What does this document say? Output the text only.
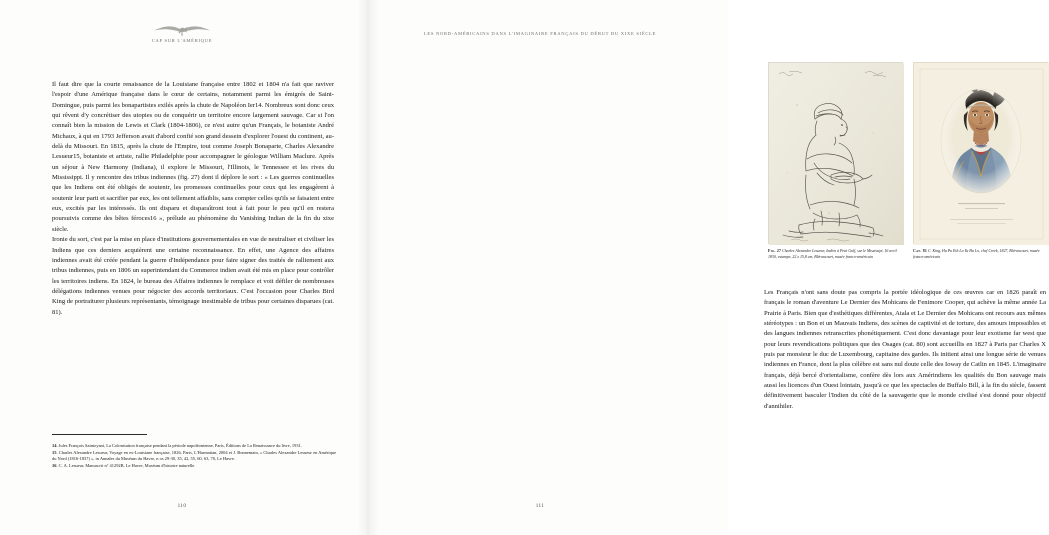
CAP SUR L'AMÉRIQUE

Il faut dire que la courte renaissance de la Louisiane française entre 1802 et 1804 n'a fait que raviver l'espoir d'une Amérique française dans le cœur de certains, notamment parmi les émigrés de Saint-Domingue, puis parmi les bonapartistes exilés après la chute de Napoléon Ier14. Nombreux sont donc ceux qui rêvent d'y concrétiser des utopies ou de conquérir un territoire encore largement sauvage. Car si l'on connaît bien la mission de Lewis et Clark (1804-1806), ce n'est autre qu'un Français, le botaniste André Michaux, à qui en 1793 Jefferson avait d'abord confié son grand dessein d'explorer l'ouest du continent, au-delà du Missouri. En 1815, après la chute de l'Empire, tout comme Joseph Bonaparte, Charles Alexandre Lesueur15, botaniste et artiste, rallie Philadelphie pour accompagner le géologue William Maclure. Après un séjour à New Harmony (Indiana), il explore le Missouri, l'Illinois, le Tennessee et les rives du Mississippi. Il y rencontre des tribus indiennes (fig. 27) dont il déplore le sort : « Les guerres continuelles que les Indiens ont été obligés de soutenir, les promesses continuelles pour ceux qui les engagèrent à soutenir leur parti et sacrifier par eux, les ont tellement affaiblis, sans compter celles qu'ils se faisaient entre eux, excités par les intéressés. Ils ont disparu et disparaîtront tout à fait pour le peu qu'il en restera poursuivis comme des bêtes féroces16 », prélude au phénomène du Vanishing Indian de la fin du xixe siècle.

Ironie du sort, c'est par la mise en place d'institutions gouvernementales en vue de neutraliser et civiliser les Indiens que ces derniers acquièrent une certaine reconnaissance. En effet, une Agence des affaires indiennes avait été créée pendant la guerre d'Indépendance pour faire signer des traités de ralliement aux tribus indiennes, puis en 1806 un superintendant du Commerce indien avait été mis en place pour contrôler les territoires indiens. En 1824, le bureau des Affaires indiennes le remplace et voit défiler de nombreuses délégations indiennes venues pour négocier des accords territoriaux. C'est l'occasion pour Charles Bird King de portraiturer plusieurs représentants, témoignage inestimable de tribus pour certaines disparues (cat. 81).

14. Jules François Saintoyant, La Colonisation française pendant la période napoléonienne, Paris, Éditions de La Renaissance du livre, 1931.

15. Charles Alexandre Lesueur, Voyage en ex-Louisiane française, 1826, Paris, L'Harmattan, 2004 et J. Bonnemain, « Charles Alexandre Lesueur en Amérique du Nord (1816-1837) », in Annales du Muséum du Havre, n os 29-30, 35, 42, 55, 60, 63, 70, Le Havre.

16. C. A. Lesueur, Manuscrit n° 41292B, Le Havre, Muséum d'histoire naturelle.

110
LES NORD-AMÉRICAINS DANS L'IMAGINAIRE FRANÇAIS DU DÉBUT DU XIXE SIÈCLE
Fig. 27 Charles Alexandre Lesueur, Indien à Petit Gulf, sur le Mississipi, 16 avril 1830, estampe, 22 x 15,8 cm, Blérancourt, musée franco-américain
Cat. 81 C. King, Hu Pu Eth La Ya Hu Lo, chef Creek, 1827, Blérancourt, musée franco-américain

Les Français n'ont sans doute pas compris la portée idéologique de ces œuvres car en 1826 paraît en français le roman d'aventure Le Dernier des Mohicans de Fenimore Cooper, qui achève la même année La Prairie à Paris. Bien que d'esthétiques différentes, Atala et Le Dernier des Mohicans ont recours aux mêmes stéréotypes : un Bon et un Mauvais Indiens, des scènes de captivité et de torture, des amours impossibles et des langues indiennes retranscrites phonétiquement. C'est donc davantage pour leur exotisme far west que pour leurs revendications politiques que des Osages (cat. 80) sont accueillis en 1827 à Paris par Charles X puis par monsieur le duc de Luxembourg, capitaine des gardes. Ils initient ainsi une longue série de venues indiennes en France, dont la plus célèbre est sans nul doute celle des Ioway de Catlin en 1845. L'imaginaire français, déjà bercé d'orientalisme, confère dès lors aux Amérindiens les qualités du Bon sauvage mais aussi les licences d'un Ouest lointain, jusqu'à ce que les spectacles de Buffalo Bill, à la fin du siècle, fassent définitivement basculer l'Indien du côté de la sauvagerie que le monde civilisé s'est donné pour objectif d'annihiler.

111
